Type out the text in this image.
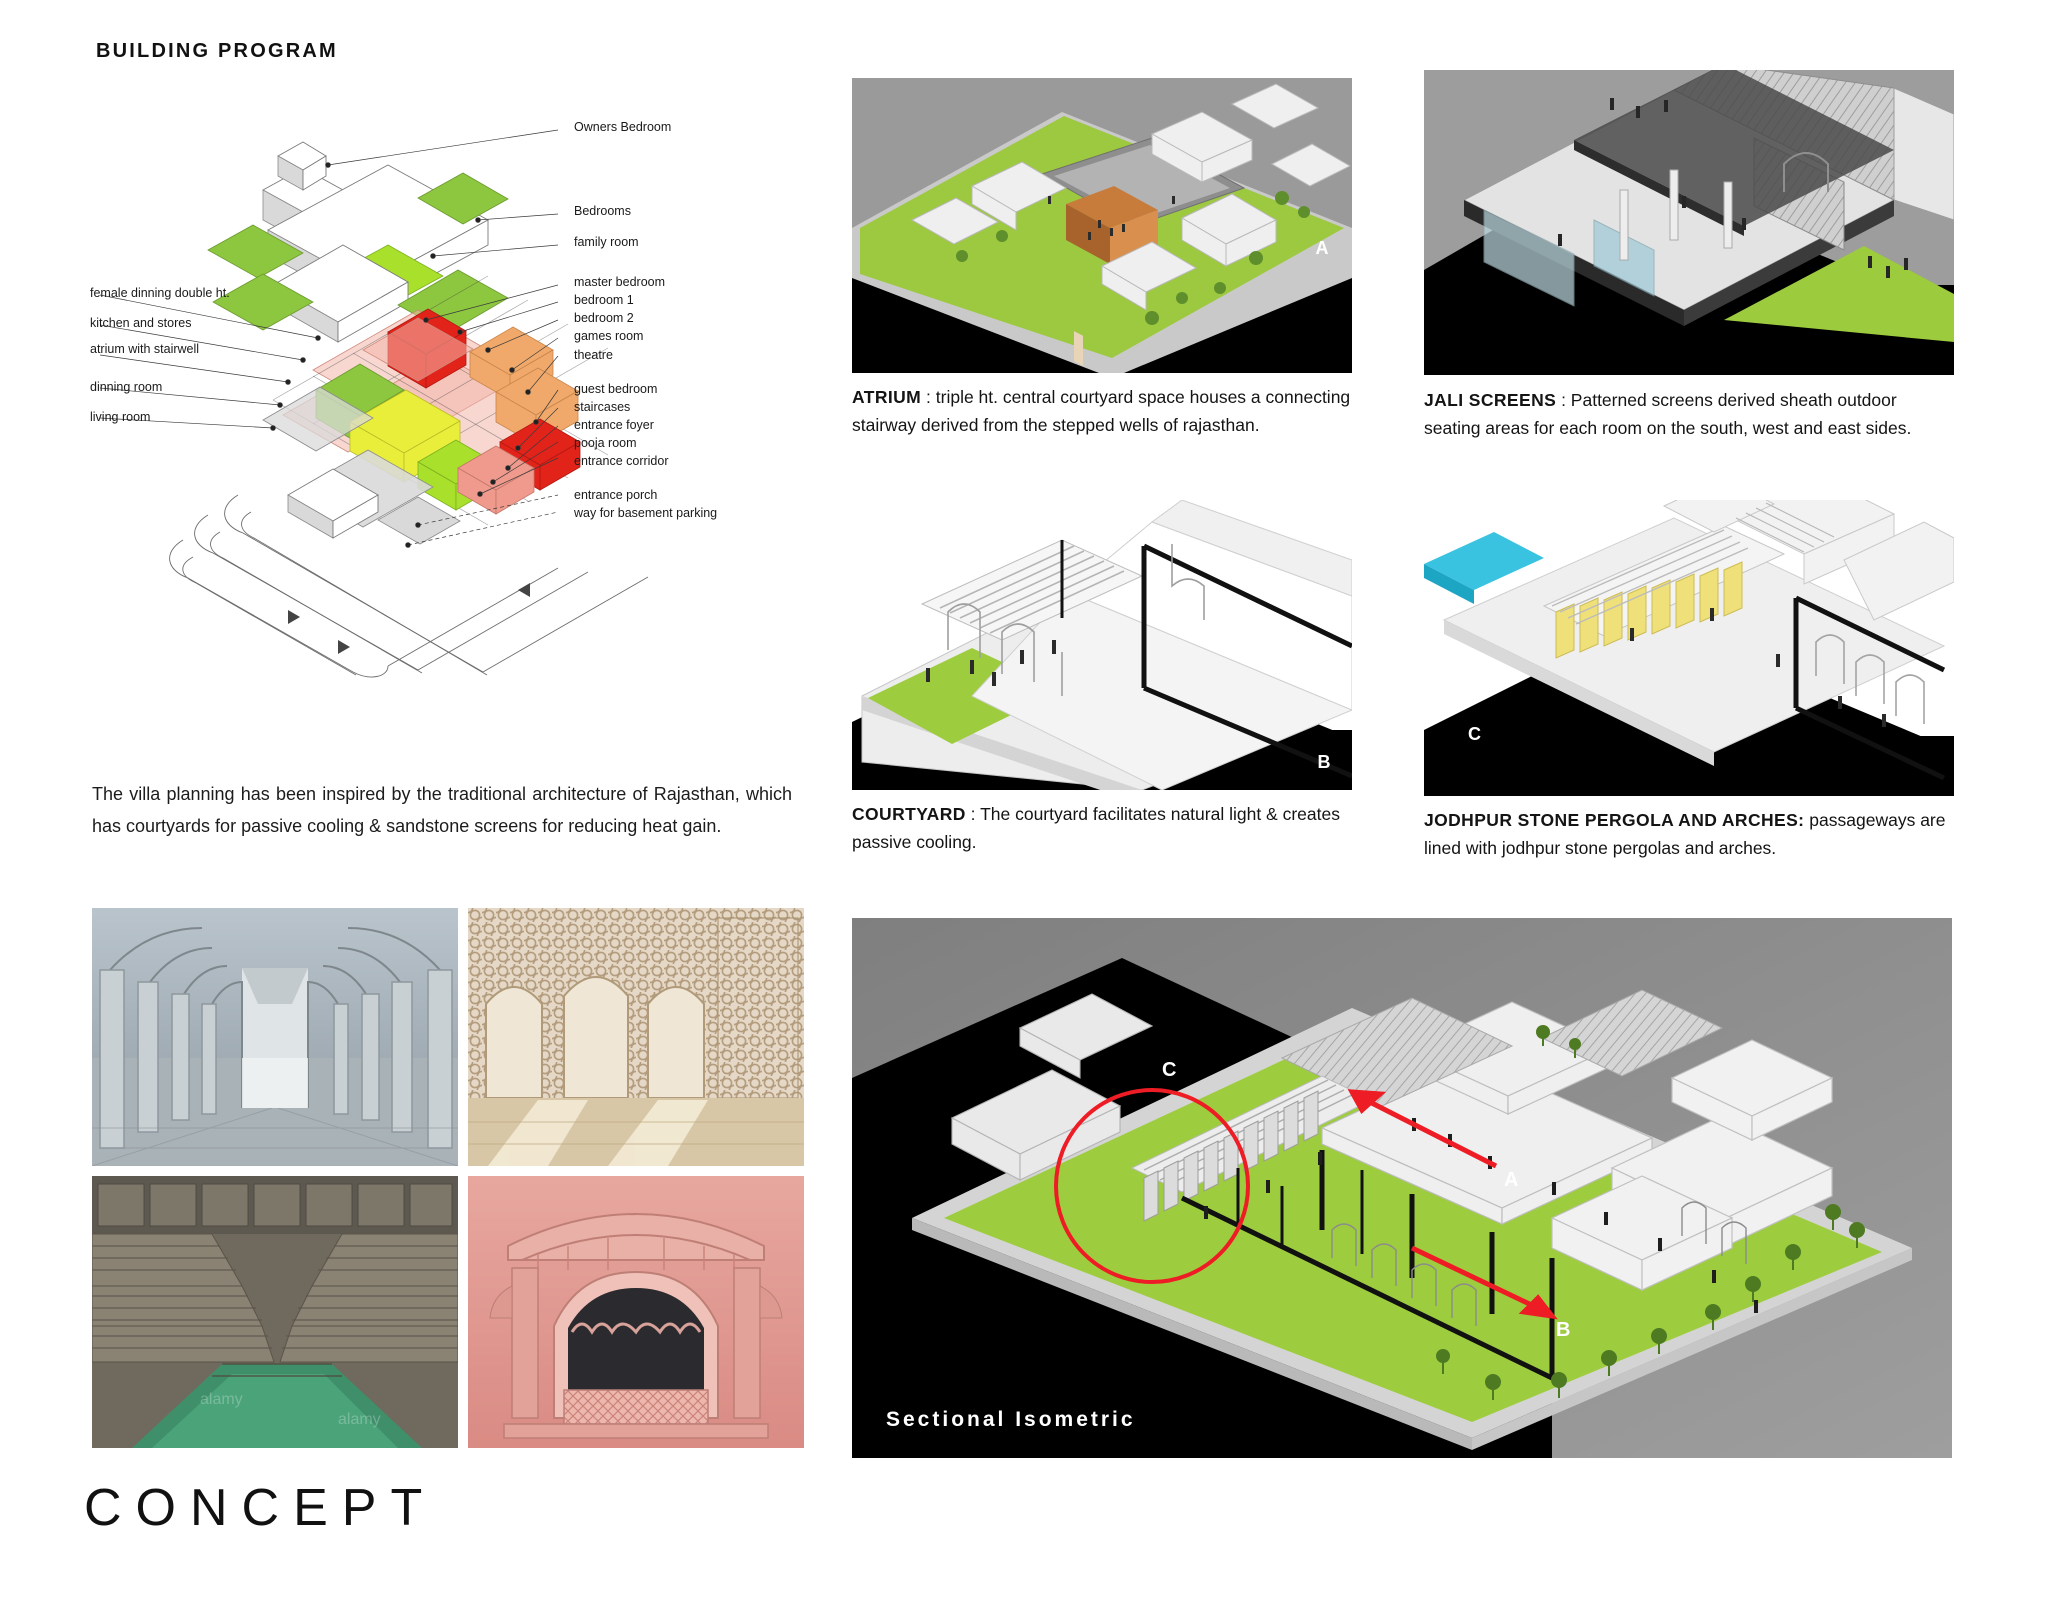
BUILDING PROGRAM
Owners Bedroom
Bedrooms
family room
master bedroom
bedroom 1
bedroom 2
games room
theatre
guest bedroom
staircases
entrance foyer
pooja room
entrance corridor
entrance porch
way for basement parking
female dinning double ht.
kitchen and stores
atrium with stairwell
dinning room
living room
The villa planning has been inspired by the traditional architecture of Rajasthan, which has courtyards for passive cooling & sandstone screens for reducing heat gain.
alamy
alamy
CONCEPT
A
ATRIUM : triple ht. central courtyard space houses a connecting stairway derived from the stepped wells of rajasthan.
JALI SCREENS : Patterned screens derived sheath outdoor seating areas for each room on the south, west and east sides.
B
COURTYARD : The courtyard facilitates natural light & creates passive cooling.
C
JODHPUR STONE PERGOLA AND ARCHES: passageways are lined with jodhpur stone pergolas and arches.
C
A
B
Sectional Isometric
